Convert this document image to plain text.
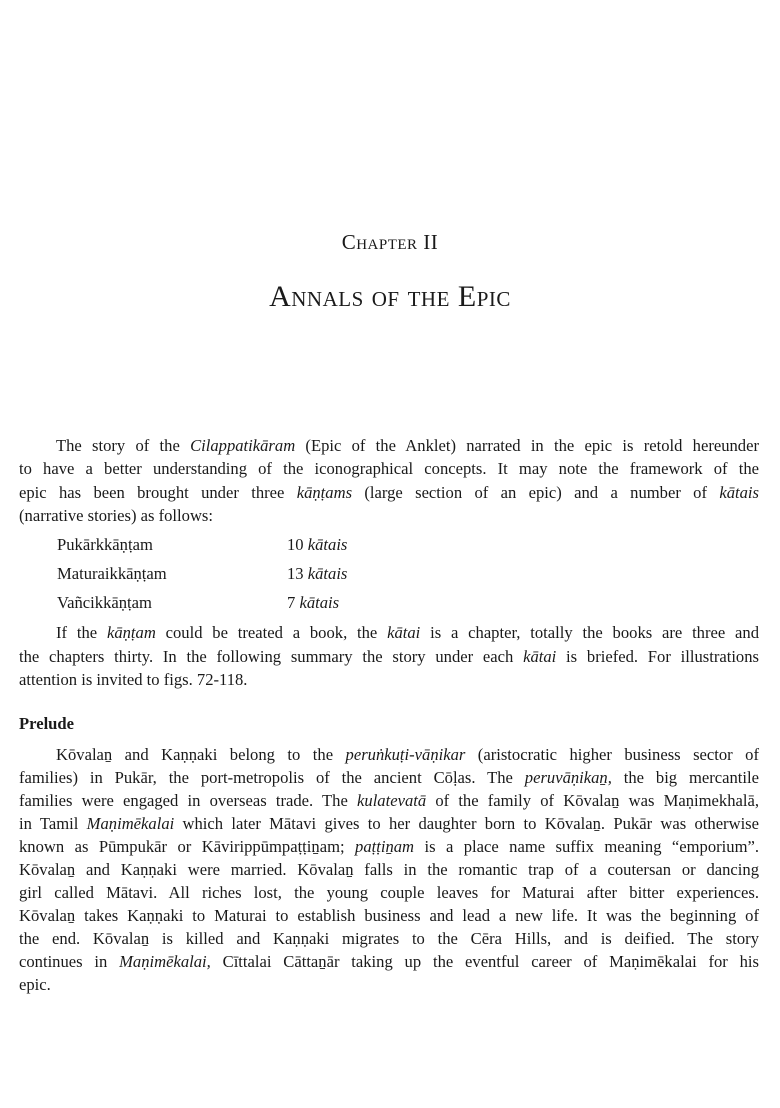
Chapter II
Annals of the Epic
The story of the Cilappatikāram (Epic of the Anklet) narrated in the epic is retold hereunder
to have a better understanding of the iconographical concepts. It may note the framework of the
epic has been brought under three kāṇṭams (large section of an epic) and a number of kātais
(narrative stories) as follows:
Pukārkkāṇṭam	10 kātais
Maturaikkāṇṭam	13 kātais
Vañcikkāṇṭam	7 kātais
If the kāṇṭam could be treated a book, the kātai is a chapter, totally the books are three and
the chapters thirty. In the following summary the story under each kātai is briefed. For illustrations
attention is invited to figs. 72-118.
Prelude
Kōvalaṉ and Kaṇṇaki belong to the peruṅkuṭi-vāṇikar (aristocratic higher business sector of
families) in Pukār, the port-metropolis of the ancient Cōḷas. The peruvāṇikaṉ, the big mercantile
families were engaged in overseas trade. The kulatevatā of the family of Kōvalaṉ was Maṇimekhalā,
in Tamil Maṇimēkalai which later Mātavi gives to her daughter born to Kōvalaṉ. Pukār was otherwise
known as Pūmpukār or Kāvirippūmpaṭṭiṉam; paṭṭiṉam is a place name suffix meaning “emporium”.
Kōvalaṉ and Kaṇṇaki were married. Kōvalaṉ falls in the romantic trap of a coutersan or dancing
girl called Mātavi. All riches lost, the young couple leaves for Maturai after bitter experiences.
Kōvalaṉ takes Kaṇṇaki to Maturai to establish business and lead a new life. It was the beginning of
the end. Kōvalaṉ is killed and Kaṇṇaki migrates to the Cēra Hills, and is deified. The story
continues in Maṇimēkalai, Cīttalai Cāttaṉār taking up the eventful career of Maṇimēkalai for his
epic.
